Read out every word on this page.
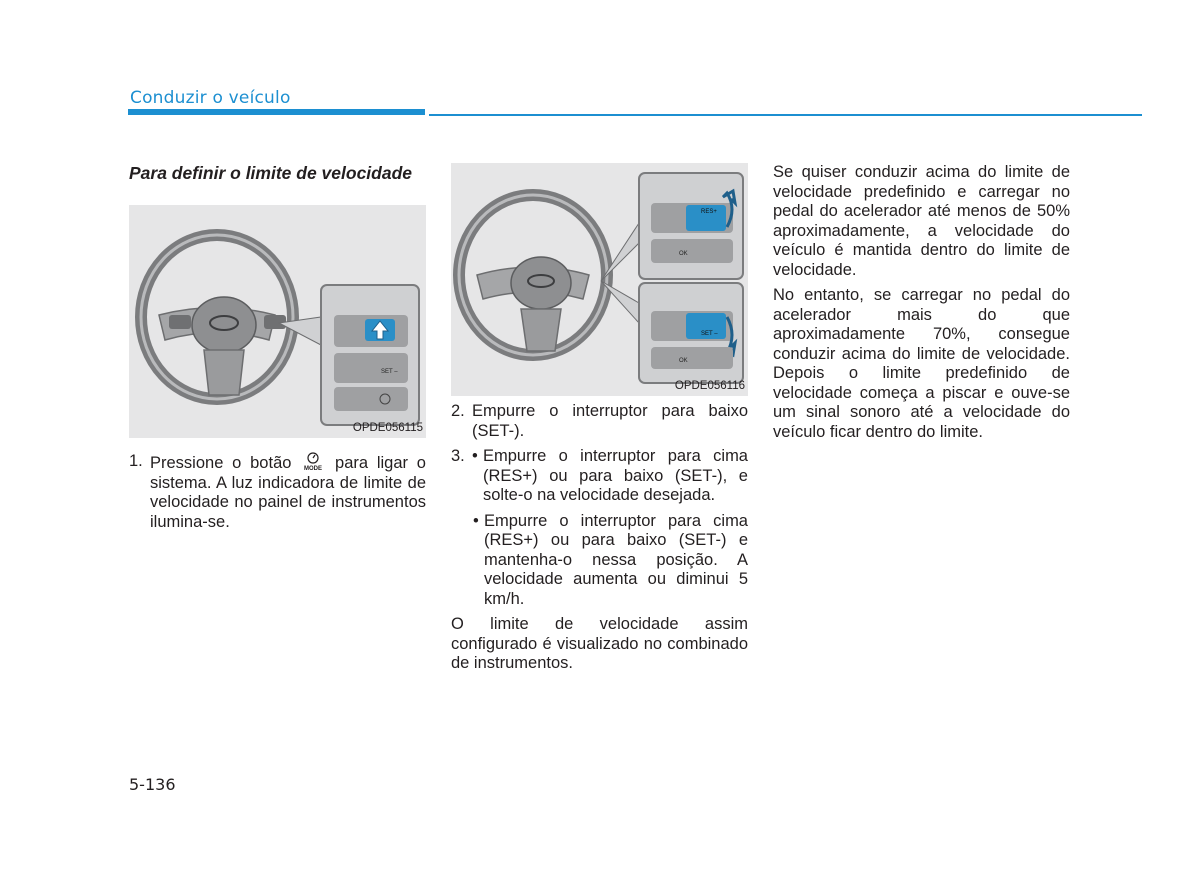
Conduzir o veículo
Para definir o limite de velocidade
SET –
OPDE056115
1. Pressione o botão MODE para ligar o sistema. A luz indicadora de limite de velocidade no painel de instrumentos ilumina-se.
RES+
OK
SET –
OK
OPDE056116
2. Empurre o interruptor para baixo (SET-).
3. • Empurre o interruptor para cima (RES+) ou para baixo (SET-), e solte-o na velocidade desejada.
• Empurre o interruptor para cima (RES+) ou para baixo (SET-) e mantenha-o nessa posição. A velocidade aumenta ou diminui 5 km/h.

O limite de velocidade assim configurado é visualizado no combinado de instrumentos.

Se quiser conduzir acima do limite de velocidade predefinido e carregar no pedal do acelerador até menos de 50% aproximadamente, a velocidade do veículo é mantida dentro do limite de velocidade.

No entanto, se carregar no pedal do acelerador mais do que aproximadamente 70%, consegue conduzir acima do limite de velocidade. Depois o limite predefinido de velocidade começa a piscar e ouve-se um sinal sonoro até a velocidade do veículo ficar dentro do limite.

5-136
